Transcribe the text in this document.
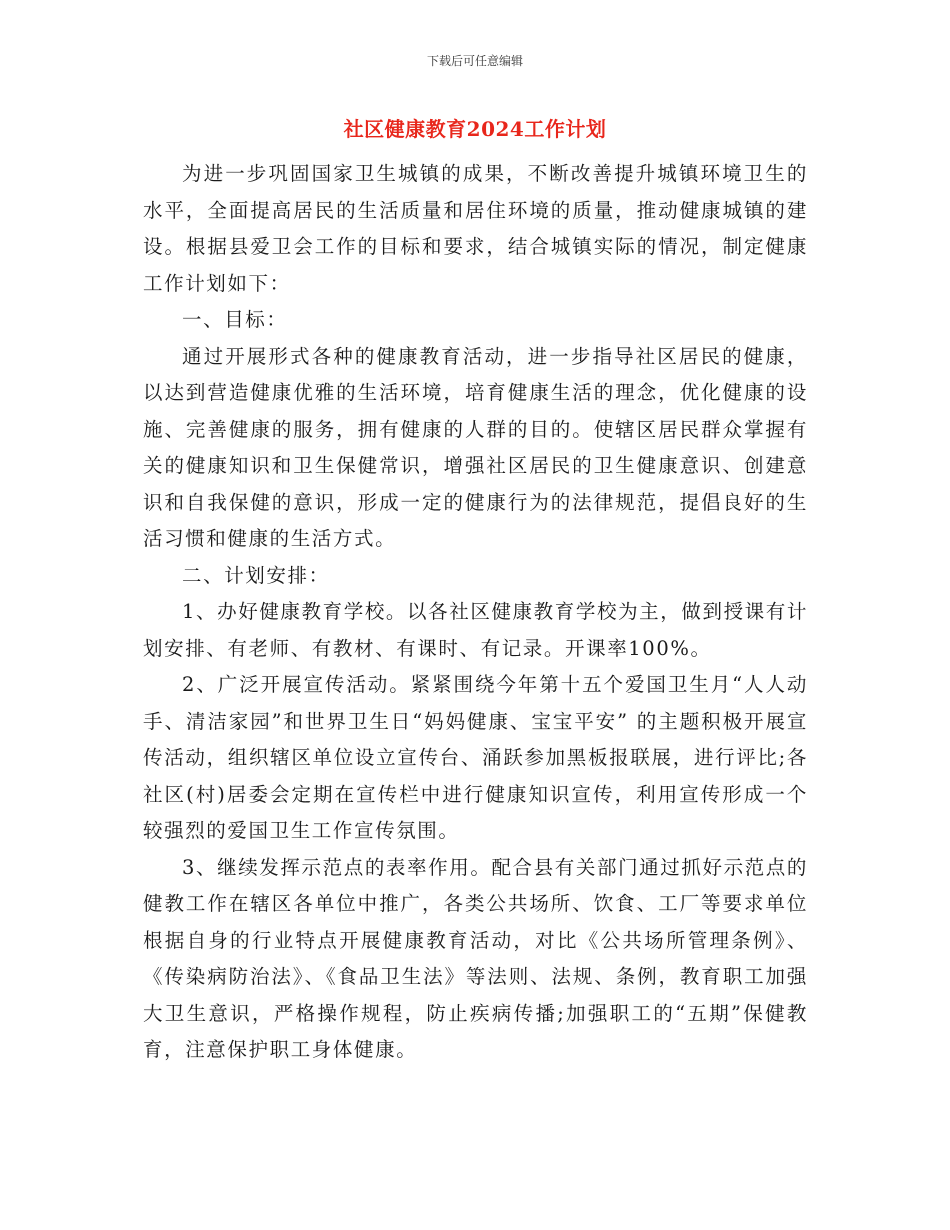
下载后可任意编辑
社区健康教育2024工作计划

为进一步巩固国家卫生城镇的成果，不断改善提升城镇环境卫生的水平，全面提高居民的生活质量和居住环境的质量，推动健康城镇的建设。根据县爱卫会工作的目标和要求，结合城镇实际的情况，制定健康工作计划如下：

一、目标：

通过开展形式各种的健康教育活动，进一步指导社区居民的健康，以达到营造健康优雅的生活环境，培育健康生活的理念，优化健康的设施、完善健康的服务，拥有健康的人群的目的。使辖区居民群众掌握有关的健康知识和卫生保健常识，增强社区居民的卫生健康意识、创建意识和自我保健的意识，形成一定的健康行为的法律规范，提倡良好的生活习惯和健康的生活方式。

二、计划安排：

1、办好健康教育学校。以各社区健康教育学校为主，做到授课有计划安排、有老师、有教材、有课时、有记录。开课率100%。

2、广泛开展宣传活动。紧紧围绕今年第十五个爱国卫生月“人人动手、清洁家园”和世界卫生日“妈妈健康、宝宝平安” 的主题积极开展宣传活动，组织辖区单位设立宣传台、涌跃参加黑板报联展，进行评比;各社区(村)居委会定期在宣传栏中进行健康知识宣传，利用宣传形成一个较强烈的爱国卫生工作宣传氛围。

3、继续发挥示范点的表率作用。配合县有关部门通过抓好示范点的健教工作在辖区各单位中推广，各类公共场所、饮食、工厂等要求单位根据自身的行业特点开展健康教育活动，对比《公共场所管理条例》、《传染病防治法》、《食品卫生法》等法则、法规、条例，教育职工加强大卫生意识，严格操作规程，防止疾病传播;加强职工的“五期”保健教育，注意保护职工身体健康。
